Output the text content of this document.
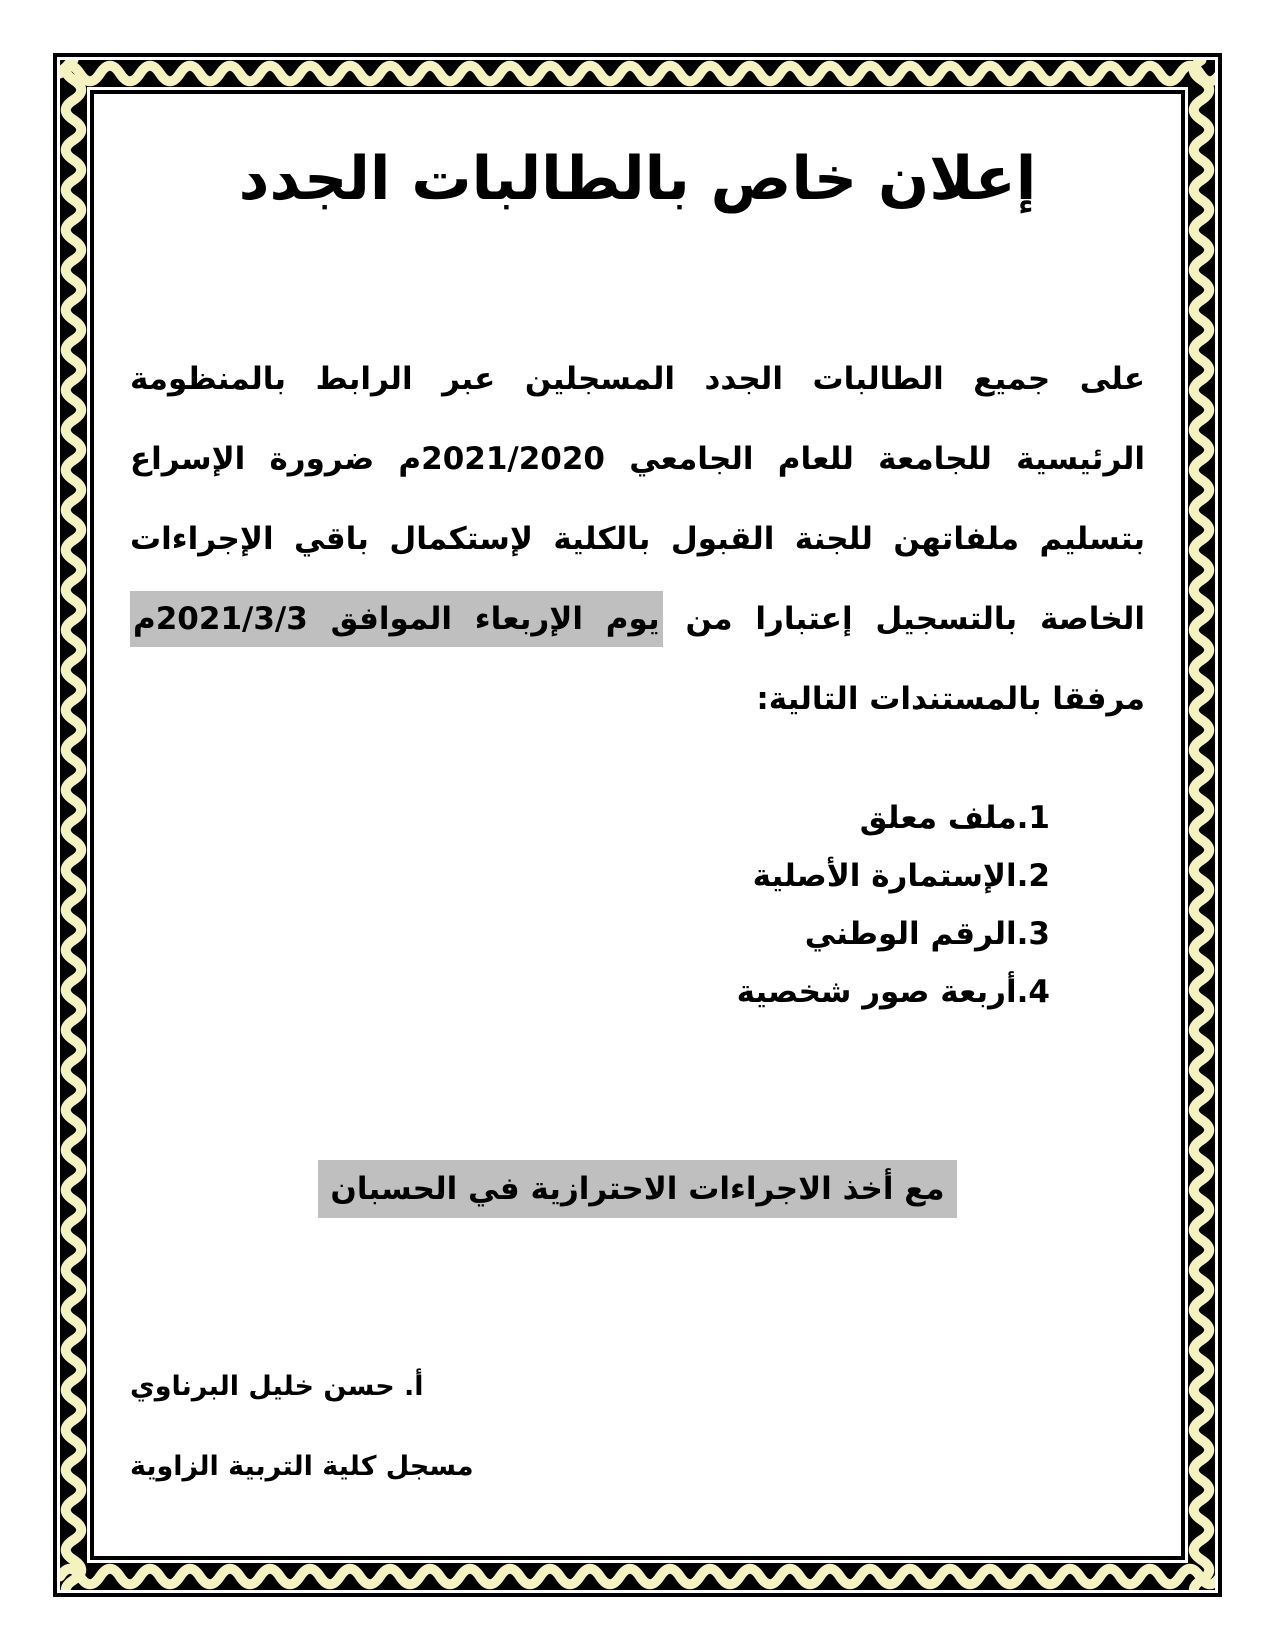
إعلان خاص بالطالبات الجدد
على جميع الطالبات الجدد المسجلين عبر الرابط بالمنظومة
الرئيسية للجامعة للعام الجامعي 2021/2020م ضرورة الإسراع
بتسليم ملفاتهن للجنة القبول بالكلية لإستكمال باقي الإجراءات
الخاصة بالتسجيل إعتبارا من يوم الإربعاء الموافق 2021/3/3م
مرفقا بالمستندات التالية:
1.ملف معلق
2.الإستمارة الأصلية
3.الرقم الوطني
4.أربعة صور شخصية
مع أخذ الاجراءات الاحترازية في الحسبان
أ. حسن خليل البرناوي
مسجل كلية التربية الزاوية
